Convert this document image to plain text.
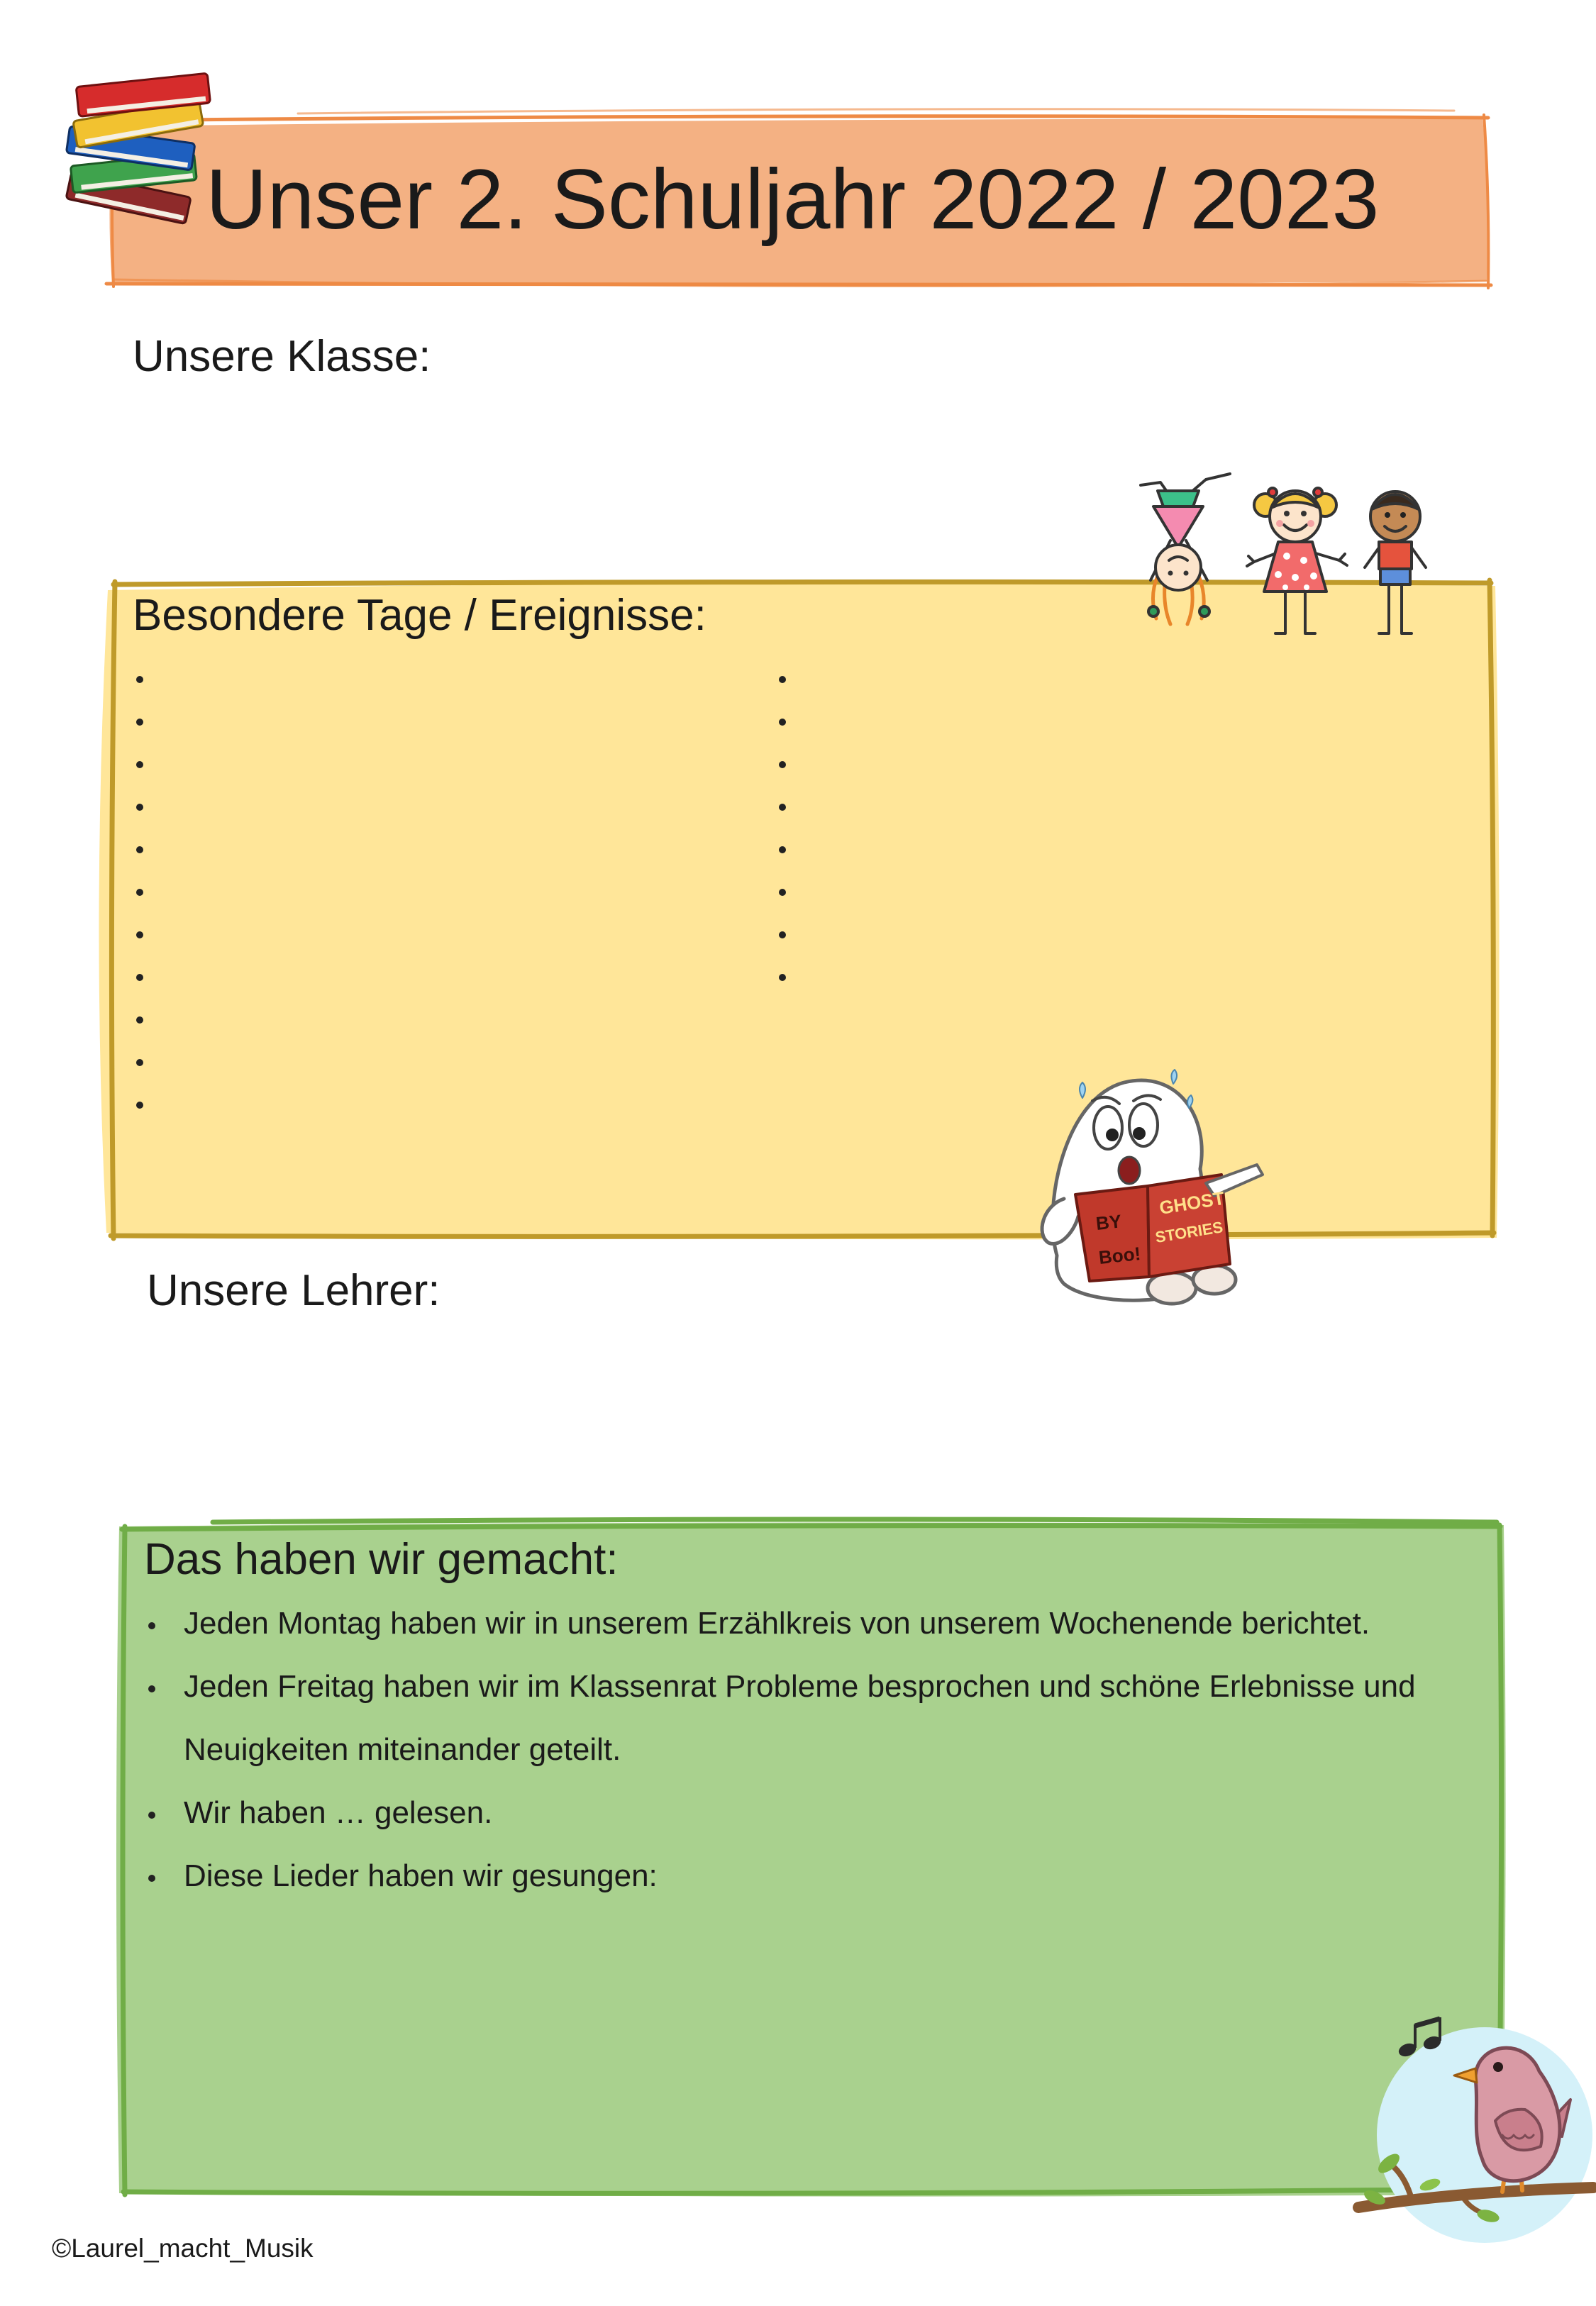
GHOST
STORIES
BY
Boo!
Unser 2. Schuljahr 2022 / 2023
Unsere Klasse:
Besondere Tage / Ereignisse:
Unsere Lehrer:
Das haben wir gemacht:
Jeden Montag haben wir in unserem Erzählkreis von unserem Wochenende berichtet.
Jeden Freitag haben wir im Klassenrat Probleme besprochen und schöne Erlebnisse und Neuigkeiten miteinander geteilt.
Wir haben … gelesen.
Diese Lieder haben wir gesungen:
©Laurel_macht_Musik
